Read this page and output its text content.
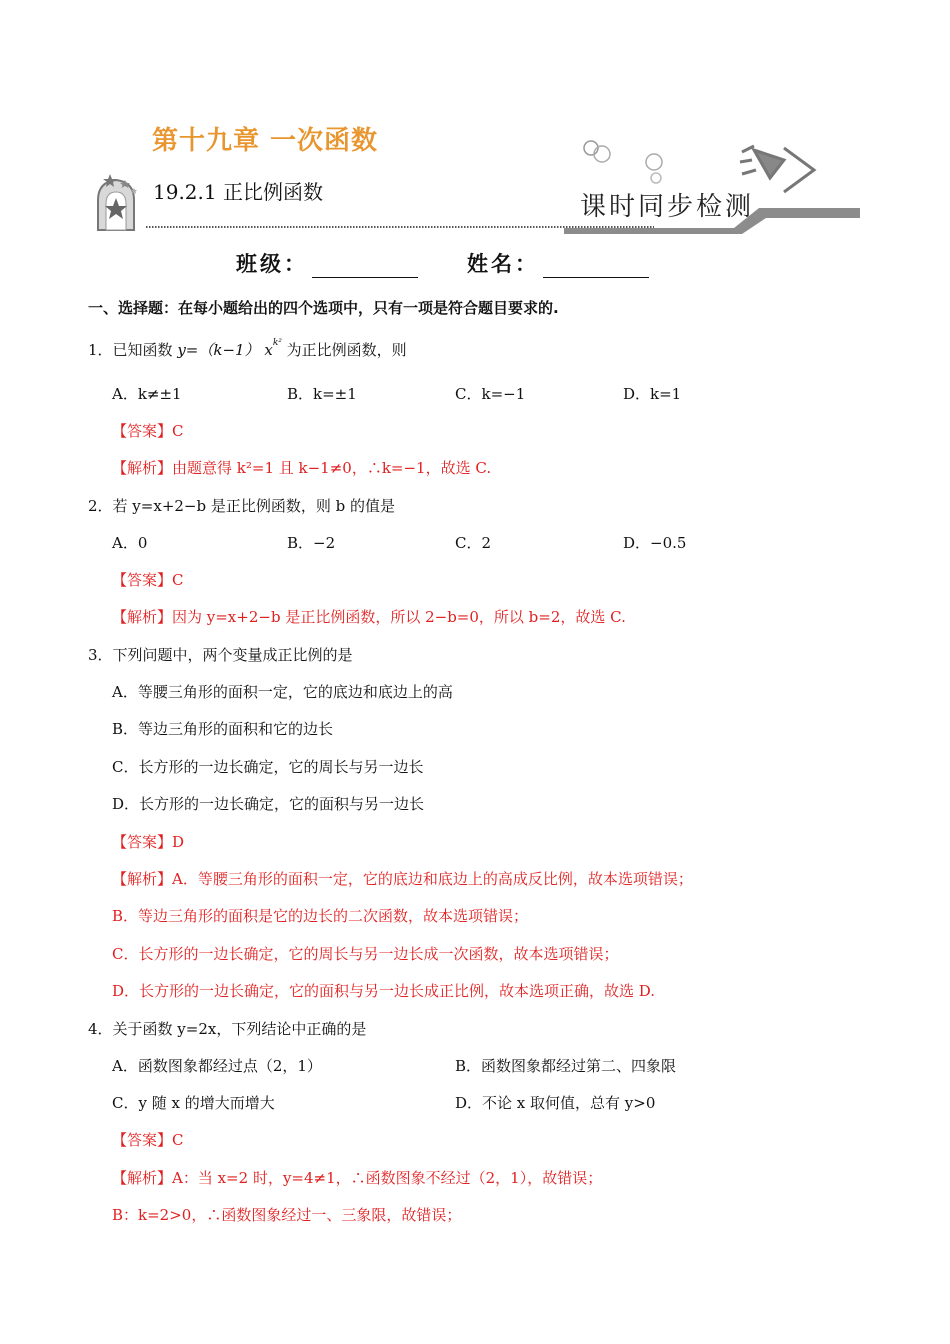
第十九章 一次函数
19.2.1 正比例函数	课时同步检测
班级：	姓名：
一、选择题：在每小题给出的四个选项中，只有一项是符合题目要求的.
1．已知函数 y=（k−1） $x^{k^2}$ 为正比例函数，则
A．k≠±1	B．k=±1	C．k=−1	D．k=1
【答案】C
【解析】由题意得 k²=1 且 k−1≠0，∴k=−1，故选 C.
2．若 y=x+2−b 是正比例函数，则 b 的值是
A．0	B．−2	C．2	D．−0.5
【答案】C
【解析】因为 y=x+2−b 是正比例函数，所以 2−b=0，所以 b=2，故选 C.
3．下列问题中，两个变量成正比例的是
A．等腰三角形的面积一定，它的底边和底边上的高
B．等边三角形的面积和它的边长
C．长方形的一边长确定，它的周长与另一边长
D．长方形的一边长确定，它的面积与另一边长
【答案】D
【解析】A．等腰三角形的面积一定，它的底边和底边上的高成反比例，故本选项错误；
B．等边三角形的面积是它的边长的二次函数，故本选项错误；
C．长方形的一边长确定，它的周长与另一边长成一次函数，故本选项错误；
D．长方形的一边长确定，它的面积与另一边长成正比例，故本选项正确，故选 D.
4．关于函数 y=2x，下列结论中正确的是
A．函数图象都经过点（2，1）	B．函数图象都经过第二、四象限
C．y 随 x 的增大而增大	D．不论 x 取何值，总有 y>0
【答案】C
【解析】A：当 x=2 时，y=4≠1，∴函数图象不经过（2，1），故错误；
B：k=2>0，∴函数图象经过一、三象限，故错误；
